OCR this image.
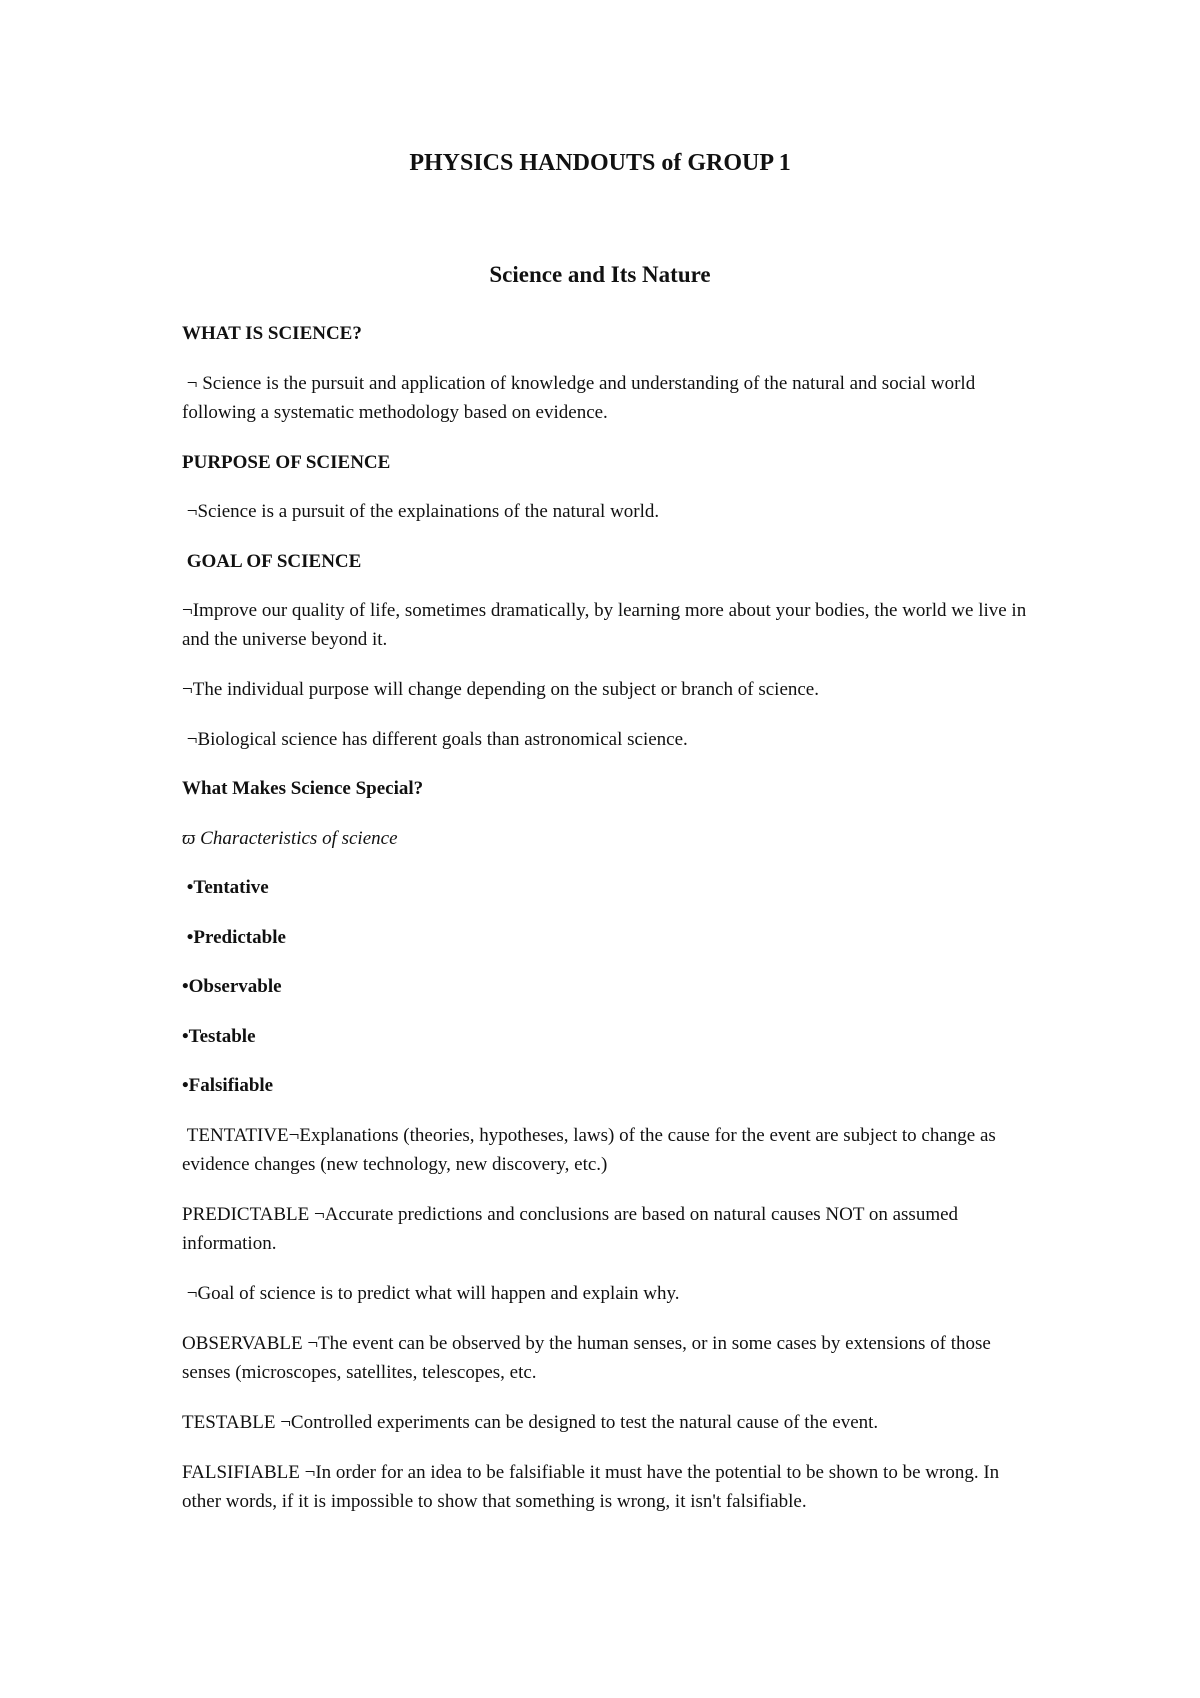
PHYSICS HANDOUTS of GROUP 1
Science and Its Nature

WHAT IS SCIENCE?

¬ Science is the pursuit and application of knowledge and understanding of the natural and social world following a systematic methodology based on evidence.

PURPOSE OF SCIENCE

¬Science is a pursuit of the explainations of the natural world.

GOAL OF SCIENCE

¬Improve our quality of life, sometimes dramatically, by learning more about your bodies, the world we live in and the universe beyond it.

¬The individual purpose will change depending on the subject or branch of science.

¬Biological science has different goals than astronomical science.

What Makes Science Special?

ϖ Characteristics of science

•Tentative

•Predictable

•Observable

•Testable

•Falsifiable

TENTATIVE¬Explanations (theories, hypotheses, laws) of the cause for the event are subject to change as evidence changes (new technology, new discovery, etc.)

PREDICTABLE ¬Accurate predictions and conclusions are based on natural causes NOT on assumed information.

¬Goal of science is to predict what will happen and explain why.

OBSERVABLE ¬The event can be observed by the human senses, or in some cases by extensions of those senses (microscopes, satellites, telescopes, etc.

TESTABLE ¬Controlled experiments can be designed to test the natural cause of the event.

FALSIFIABLE ¬In order for an idea to be falsifiable it must have the potential to be shown to be wrong. In other words, if it is impossible to show that something is wrong, it isn't falsifiable.
